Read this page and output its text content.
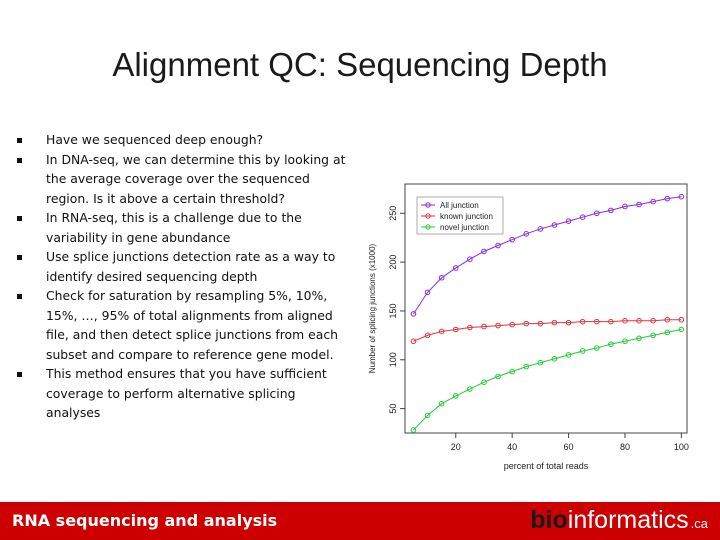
Alignment QC: Sequencing Depth
Have we sequenced deep enough?
In DNA-seq, we can determine this by looking at the average coverage over the sequenced region. Is it above a certain threshold?
In RNA-seq, this is a challenge due to the variability in gene abundance
Use splice junctions detection rate as a way to identify desired sequencing depth
Check for saturation by resampling 5%, 10%, 15%, …, 95% of total alignments from aligned file, and then detect splice junctions from each subset and compare to reference gene model.
This method ensures that you have sufficient coverage to perform alternative splicing analyses
20	40	60	80	100
50
100
150
200
250
percent of total reads
Number of splicing junctions (x1000)
All junction
known junction
novel junction
RNA sequencing and analysis	bio informatics .ca
